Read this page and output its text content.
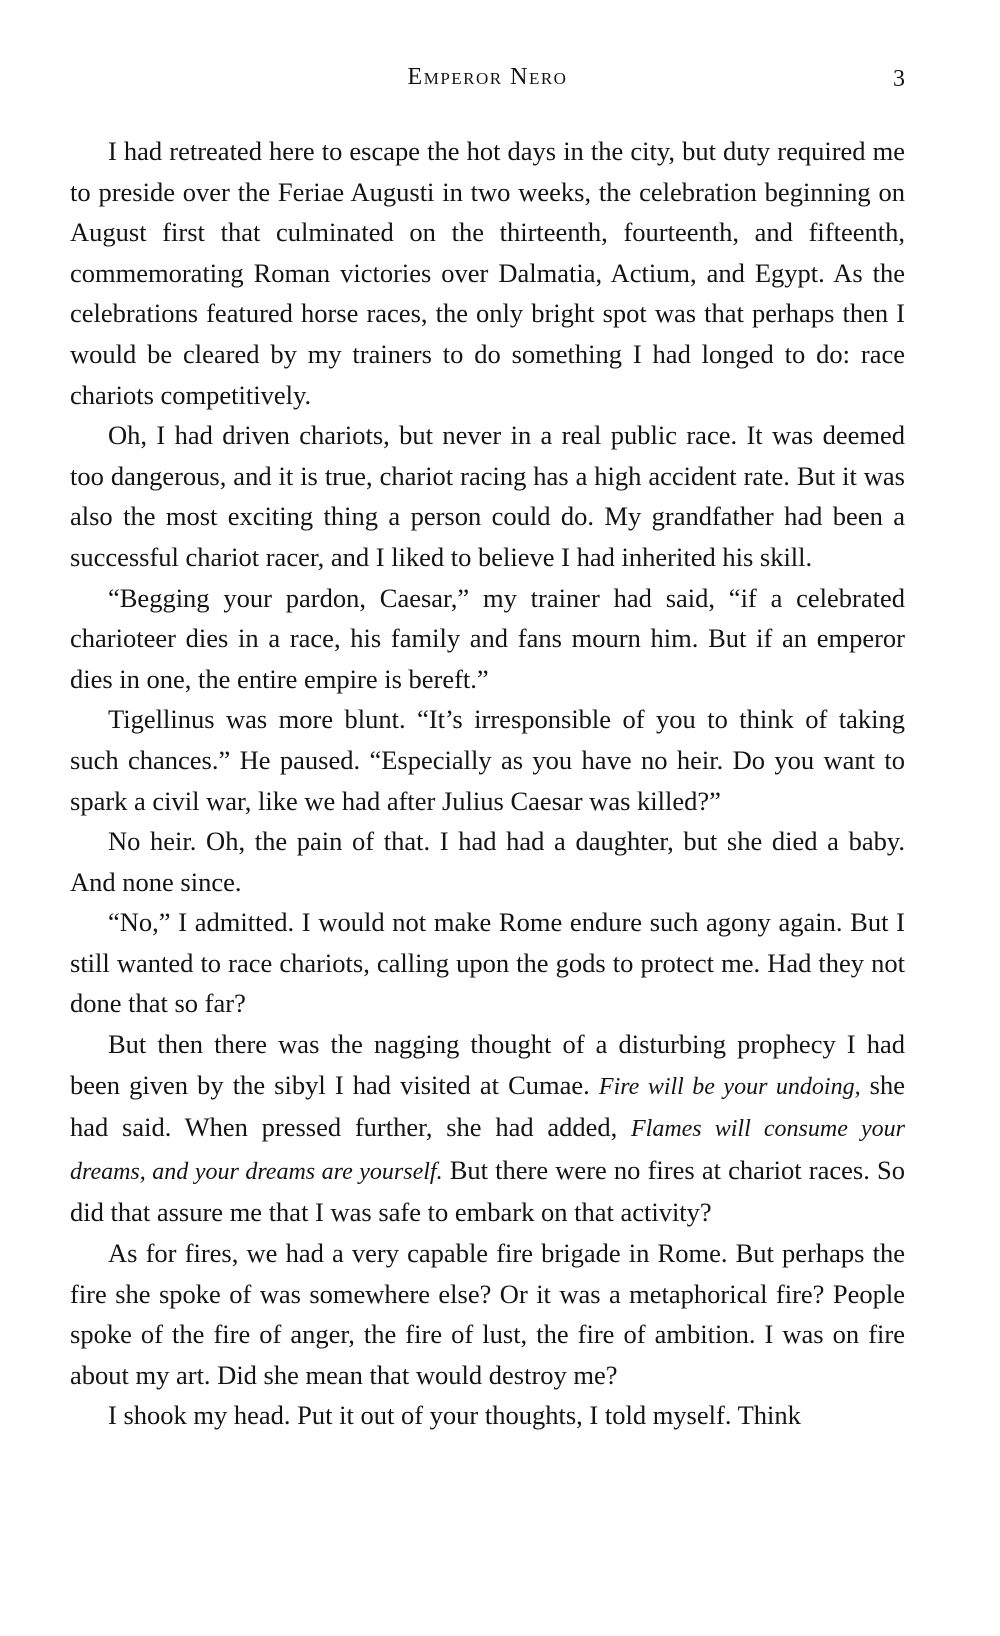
Emperor Nero	3

I had retreated here to escape the hot days in the city, but duty required me to preside over the Feriae Augusti in two weeks, the celebration beginning on August first that culminated on the thirteenth, fourteenth, and fifteenth, commemorating Roman victories over Dalmatia, Actium, and Egypt. As the celebrations featured horse races, the only bright spot was that perhaps then I would be cleared by my trainers to do something I had longed to do: race chariots competitively.

Oh, I had driven chariots, but never in a real public race. It was deemed too dangerous, and it is true, chariot racing has a high accident rate. But it was also the most exciting thing a person could do. My grandfather had been a successful chariot racer, and I liked to believe I had inherited his skill.

“Begging your pardon, Caesar,” my trainer had said, “if a celebrated charioteer dies in a race, his family and fans mourn him. But if an emperor dies in one, the entire empire is bereft.”

Tigellinus was more blunt. “It’s irresponsible of you to think of taking such chances.” He paused. “Especially as you have no heir. Do you want to spark a civil war, like we had after Julius Caesar was killed?”

No heir. Oh, the pain of that. I had had a daughter, but she died a baby. And none since.

“No,” I admitted. I would not make Rome endure such agony again. But I still wanted to race chariots, calling upon the gods to protect me. Had they not done that so far?

But then there was the nagging thought of a disturbing prophecy I had been given by the sibyl I had visited at Cumae. Fire will be your undoing, she had said. When pressed further, she had added, Flames will consume your dreams, and your dreams are yourself. But there were no fires at chariot races. So did that assure me that I was safe to embark on that activity?

As for fires, we had a very capable fire brigade in Rome. But perhaps the fire she spoke of was somewhere else? Or it was a metaphorical fire? People spoke of the fire of anger, the fire of lust, the fire of ambition. I was on fire about my art. Did she mean that would destroy me?

I shook my head. Put it out of your thoughts, I told myself. Think
